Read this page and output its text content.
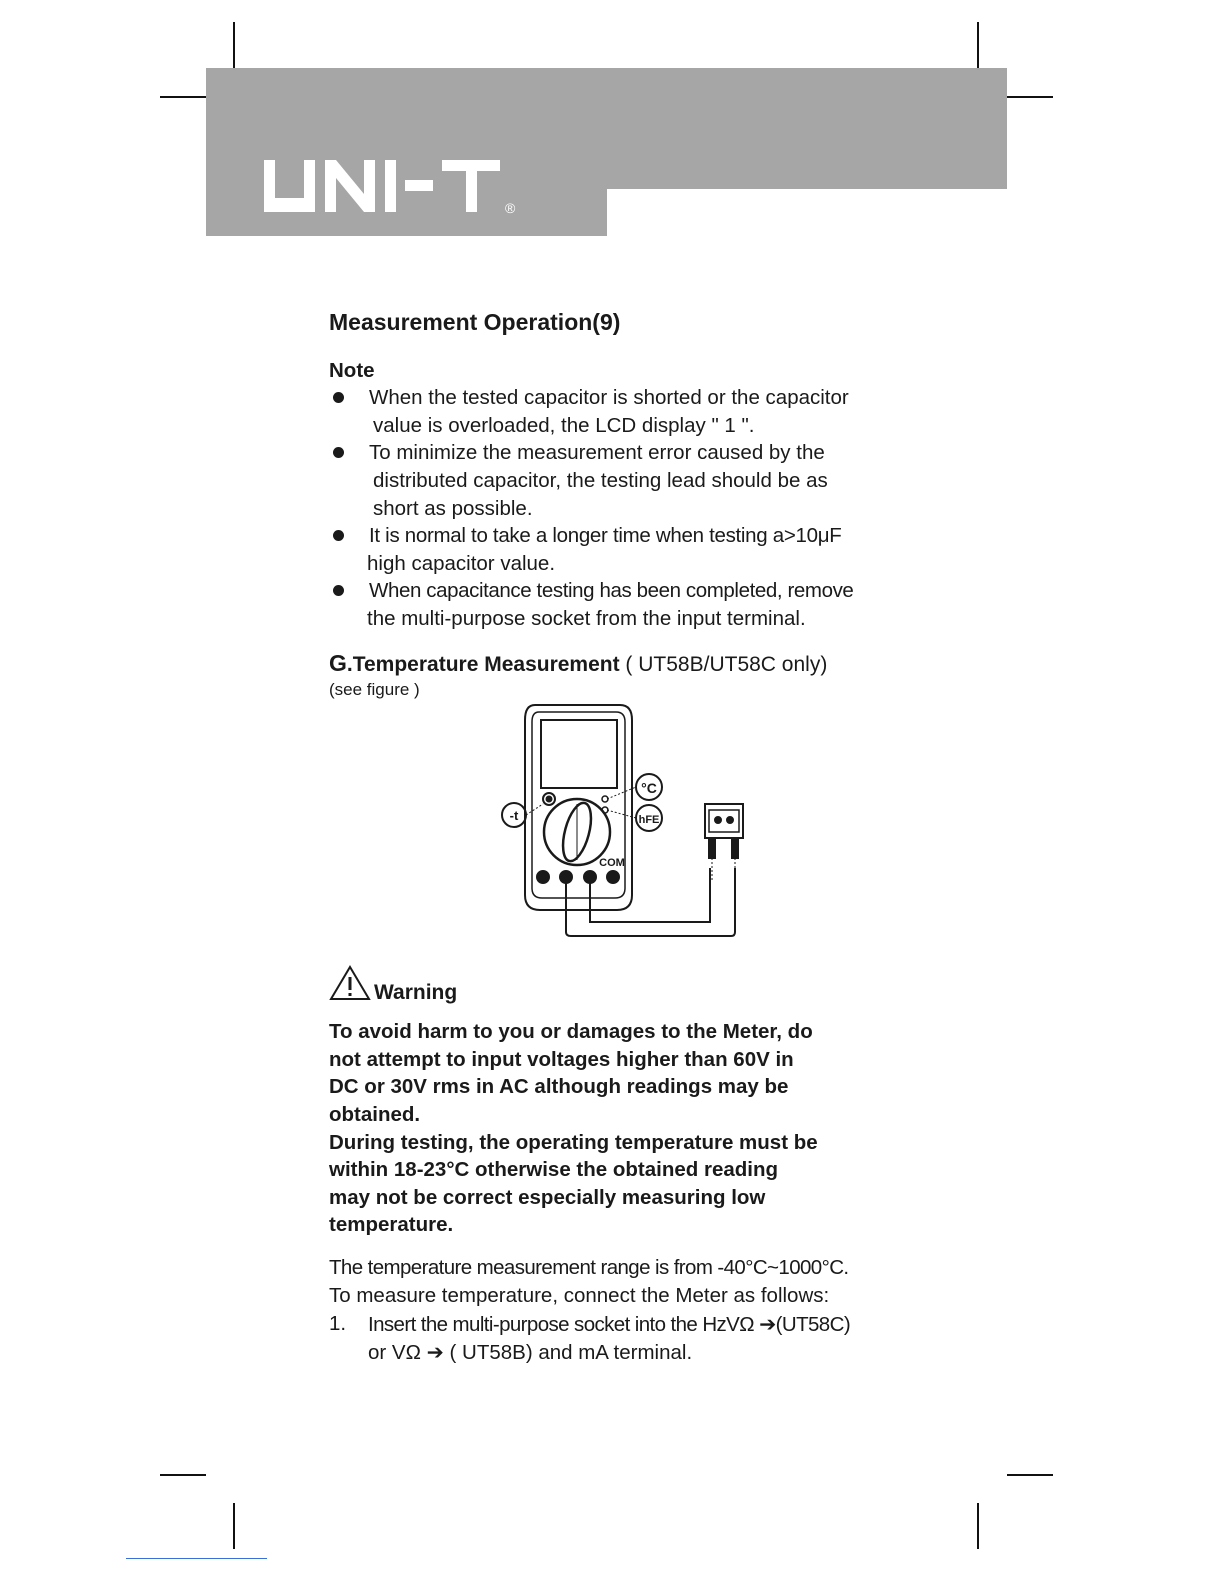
®
Measurement Operation(9)
Note
When the tested capacitor is shorted or the capacitor
value is overloaded, the LCD display " 1 ".
To minimize the measurement error caused by the
distributed capacitor, the testing lead should be as
short as possible.
It is normal to take a longer time when testing a>10μF
high capacitor value.
When capacitance testing has been completed, remove
the multi-purpose socket from the input terminal.
G.Temperature Measurement ( UT58B/UT58C only)
(see figure )
°C
hFE
-t
COM
Warning
To avoid harm to you or damages to the Meter, do
not attempt to input voltages higher than 60V in
DC or 30V rms in AC although readings may be
obtained.
During testing, the operating temperature must be
within 18-23°C otherwise the obtained reading
may not be correct especially measuring low
temperature.
The temperature measurement range is from -40°C~1000°C.
To measure temperature, connect the Meter as follows:
1. Insert the multi-purpose socket into the HzVΩ ➔(UT58C)
or VΩ ➔ ( UT58B) and mA terminal.
